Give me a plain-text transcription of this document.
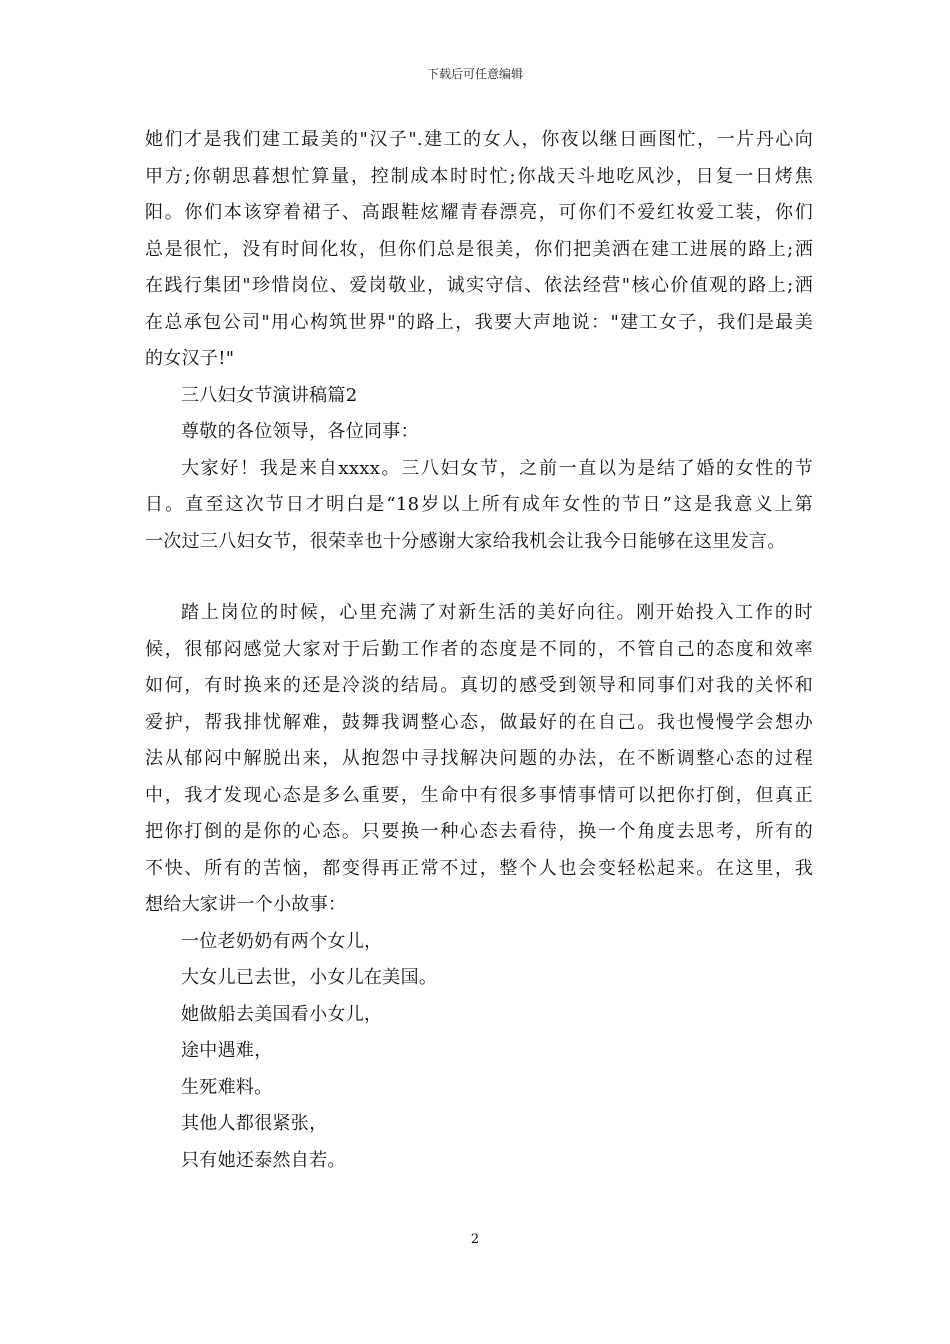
下载后可任意编辑
她们才是我们建工最美的"汉子".建工的女人，你夜以继日画图忙，一片丹心向
甲方;你朝思暮想忙算量，控制成本时时忙;你战天斗地吃风沙，日复一日烤焦
阳。你们本该穿着裙子、高跟鞋炫耀青春漂亮，可你们不爱红妆爱工装，你们
总是很忙，没有时间化妆，但你们总是很美，你们把美洒在建工进展的路上;洒
在践行集团"珍惜岗位、爱岗敬业，诚实守信、依法经营"核心价值观的路上;洒
在总承包公司"用心构筑世界"的路上，我要大声地说："建工女子，我们是最美
的女汉子!"
三八妇女节演讲稿篇2
尊敬的各位领导，各位同事：
大家好！我是来自xxxx。三八妇女节，之前一直以为是结了婚的女性的节
日。直至这次节日才明白是“18岁以上所有成年女性的节日”这是我意义上第
一次过三八妇女节，很荣幸也十分感谢大家给我机会让我今日能够在这里发言。
踏上岗位的时候，心里充满了对新生活的美好向往。刚开始投入工作的时
候，很郁闷感觉大家对于后勤工作者的态度是不同的，不管自己的态度和效率
如何，有时换来的还是冷淡的结局。真切的感受到领导和同事们对我的关怀和
爱护，帮我排忧解难，鼓舞我调整心态，做最好的在自己。我也慢慢学会想办
法从郁闷中解脱出来，从抱怨中寻找解决问题的办法，在不断调整心态的过程
中，我才发现心态是多么重要，生命中有很多事情事情可以把你打倒，但真正
把你打倒的是你的心态。只要换一种心态去看待，换一个角度去思考，所有的
不快、所有的苦恼，都变得再正常不过，整个人也会变轻松起来。在这里，我
想给大家讲一个小故事：
一位老奶奶有两个女儿，
大女儿已去世，小女儿在美国。
她做船去美国看小女儿，
途中遇难，
生死难料。
其他人都很紧张，
只有她还泰然自若。
2
